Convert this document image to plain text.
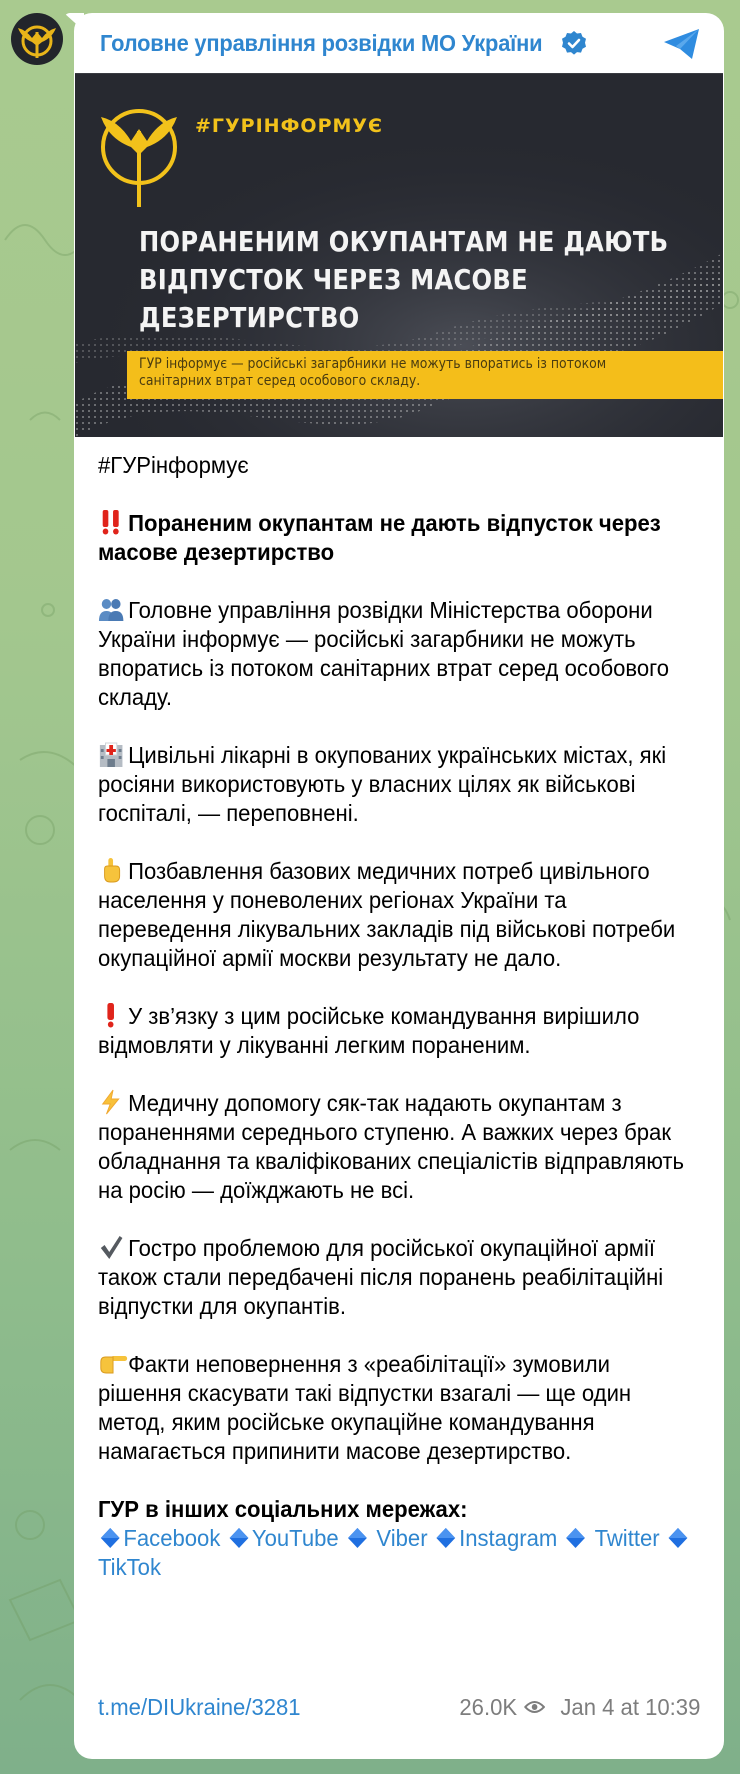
Головне управління розвідки МО України
#ГУРІНФОРМУЄ
ПОРАНЕНИМ ОКУПАНТАМ НЕ ДАЮТЬ
ВІДПУСТОК ЧЕРЕЗ МАСОВЕ
ДЕЗЕРТИРСТВО
ГУР інформує — російські загарбники не можуть впоратись із потоком
санітарних втрат серед особового складу.

#ГУРінформує

Пораненим окупантам не дають відпусток через масове дезертирство

Головне управління розвідки Міністерства оборони України інформує — російські загарбники не можуть впоратись із потоком санітарних втрат серед особового складу.

Цивільні лікарні в окупованих українських містах, які росіяни використовують у власних цілях як військові госпіталі, — переповнені.

Позбавлення базових медичних потреб цивільного населення у поневолених регіонах України та переведення лікувальних закладів під військові потреби окупаційної армії москви результату не дало.

У зв’язку з цим російське командування вирішило відмовляти у лікуванні легким пораненим.

Медичну допомогу сяк-так надають окупантам з пораненнями середнього ступеню. А важких через брак обладнання та кваліфікованих спеціалістів відправляють на росію — доїжджають не всі.

Гостро проблемою для російської окупаційної армії також стали передбачені після поранень реабілітаційні відпустки для окупантів.

Факти неповернення з «реабілітації» зумовили рішення скасувати такі відпустки взагалі — ще один метод, яким російське окупаційне командування намагається припинити масове дезертирство.

ГУР в інших соціальних мережах:

Facebook YouTube Viber Instagram Twitter  TikTok

t.me/DIUkraine/3281	26.0K Jan 4 at 10:39
